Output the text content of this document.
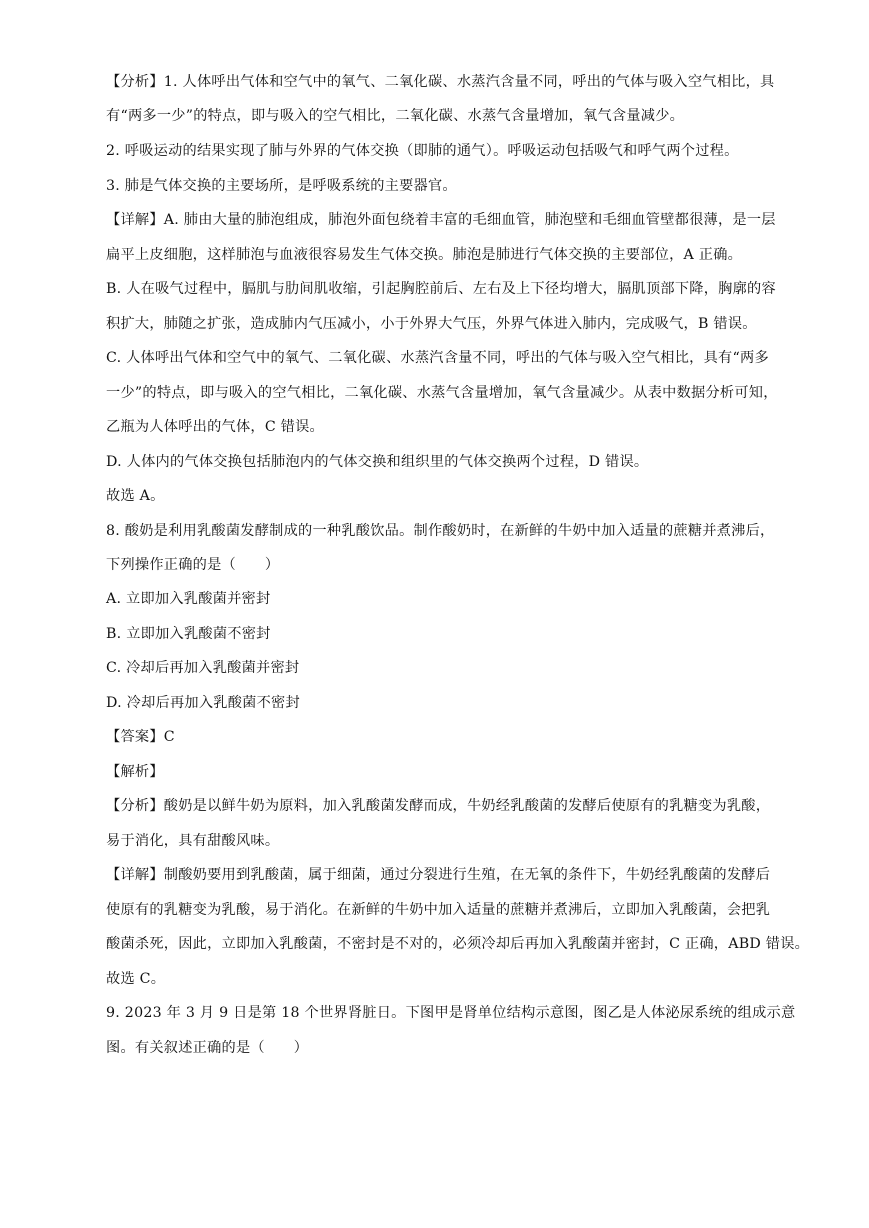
【分析】1. 人体呼出气体和空气中的氧气、二氧化碳、水蒸汽含量不同，呼出的气体与吸入空气相比，具
有“两多一少”的特点，即与吸入的空气相比，二氧化碳、水蒸气含量增加，氧气含量减少。
2. 呼吸运动的结果实现了肺与外界的气体交换（即肺的通气）。呼吸运动包括吸气和呼气两个过程。
3. 肺是气体交换的主要场所，是呼吸系统的主要器官。
【详解】A. 肺由大量的肺泡组成，肺泡外面包绕着丰富的毛细血管，肺泡壁和毛细血管壁都很薄，是一层
扁平上皮细胞，这样肺泡与血液很容易发生气体交换。肺泡是肺进行气体交换的主要部位，A 正确。
B. 人在吸气过程中，膈肌与肋间肌收缩，引起胸腔前后、左右及上下径均增大，膈肌顶部下降，胸廓的容
积扩大，肺随之扩张，造成肺内气压减小，小于外界大气压，外界气体进入肺内，完成吸气，B 错误。
C. 人体呼出气体和空气中的氧气、二氧化碳、水蒸汽含量不同，呼出的气体与吸入空气相比，具有“两多
一少”的特点，即与吸入的空气相比，二氧化碳、水蒸气含量增加，氧气含量减少。从表中数据分析可知，
乙瓶为人体呼出的气体，C 错误。
D. 人体内的气体交换包括肺泡内的气体交换和组织里的气体交换两个过程，D 错误。
故选 A。
8. 酸奶是利用乳酸菌发酵制成的一种乳酸饮品。制作酸奶时，在新鲜的牛奶中加入适量的蔗糖并煮沸后，
下列操作正确的是（　　）
A. 立即加入乳酸菌并密封
B. 立即加入乳酸菌不密封
C. 冷却后再加入乳酸菌并密封
D. 冷却后再加入乳酸菌不密封
【答案】C
【解析】
【分析】酸奶是以鲜牛奶为原料，加入乳酸菌发酵而成，牛奶经乳酸菌的发酵后使原有的乳糖变为乳酸，
易于消化，具有甜酸风味。
【详解】制酸奶要用到乳酸菌，属于细菌，通过分裂进行生殖，在无氧的条件下，牛奶经乳酸菌的发酵后
使原有的乳糖变为乳酸，易于消化。在新鲜的牛奶中加入适量的蔗糖并煮沸后，立即加入乳酸菌，会把乳
酸菌杀死，因此，立即加入乳酸菌，不密封是不对的，必须冷却后再加入乳酸菌并密封，C 正确，ABD 错误。
故选 C。
9. 2023 年 3 月 9 日是第 18 个世界肾脏日。下图甲是肾单位结构示意图，图乙是人体泌尿系统的组成示意
图。有关叙述正确的是（　　）
